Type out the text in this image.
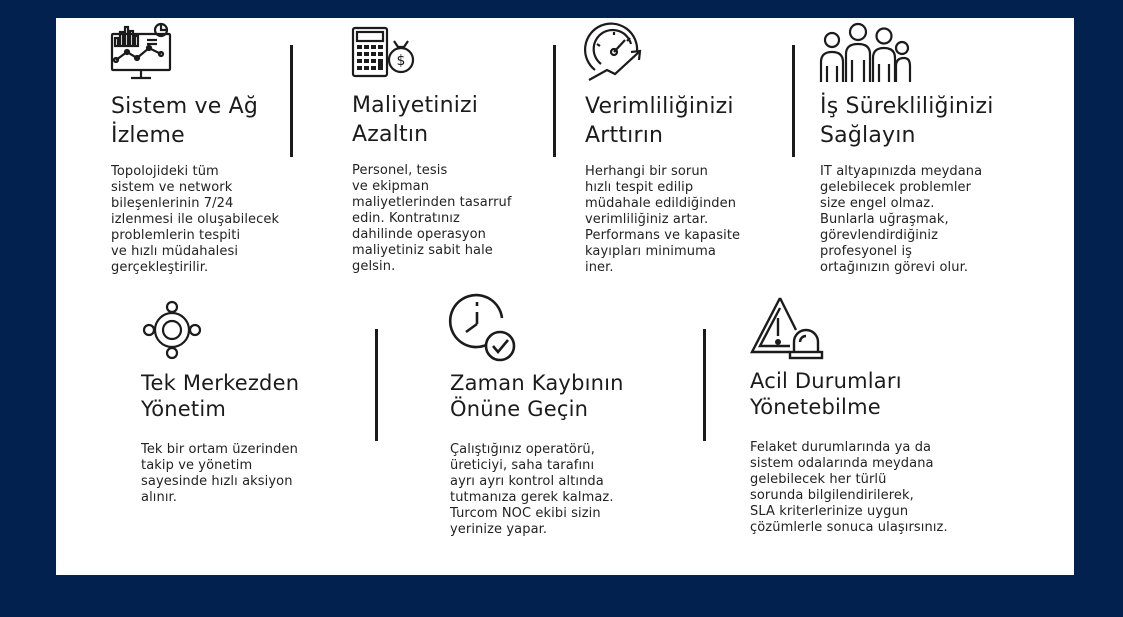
Sistem ve Ağ
İzleme

Topolojideki tüm
sistem ve network
bileşenlerinin 7/24
izlenmesi ile oluşabilecek
problemlerin tespiti
ve hızlı müdahalesi
gerçekleştirilir.

$

Maliyetinizi
Azaltın

Personel, tesis
ve ekipman
maliyetlerinden tasarruf
edin. Kontratınız
dahilinde operasyon
maliyetiniz sabit hale
gelsin.

Verimliliğinizi
Arttırın

Herhangi bir sorun
hızlı tespit edilip
müdahale edildiğinden
verimliliğiniz artar.
Performans ve kapasite
kayıpları minimuma
iner.

İş Sürekliliğinizi
Sağlayın

IT altyapınızda meydana
gelebilecek problemler
size engel olmaz.
Bunlarla uğraşmak,
görevlendirdiğiniz
profesyonel iş
ortağınızın görevi olur.

Tek Merkezden
Yönetim

Tek bir ortam üzerinden
takip ve yönetim
sayesinde hızlı aksiyon
alınır.

Zaman Kaybının
Önüne Geçin

Çalıştığınız operatörü,
üreticiyi, saha tarafını
ayrı ayrı kontrol altında
tutmanıza gerek kalmaz.
Turcom NOC ekibi sizin
yerinize yapar.

Acil Durumları
Yönetebilme

Felaket durumlarında ya da
sistem odalarında meydana
gelebilecek her türlü
sorunda bilgilendirilerek,
SLA kriterlerinize uygun
çözümlerle sonuca ulaşırsınız.
